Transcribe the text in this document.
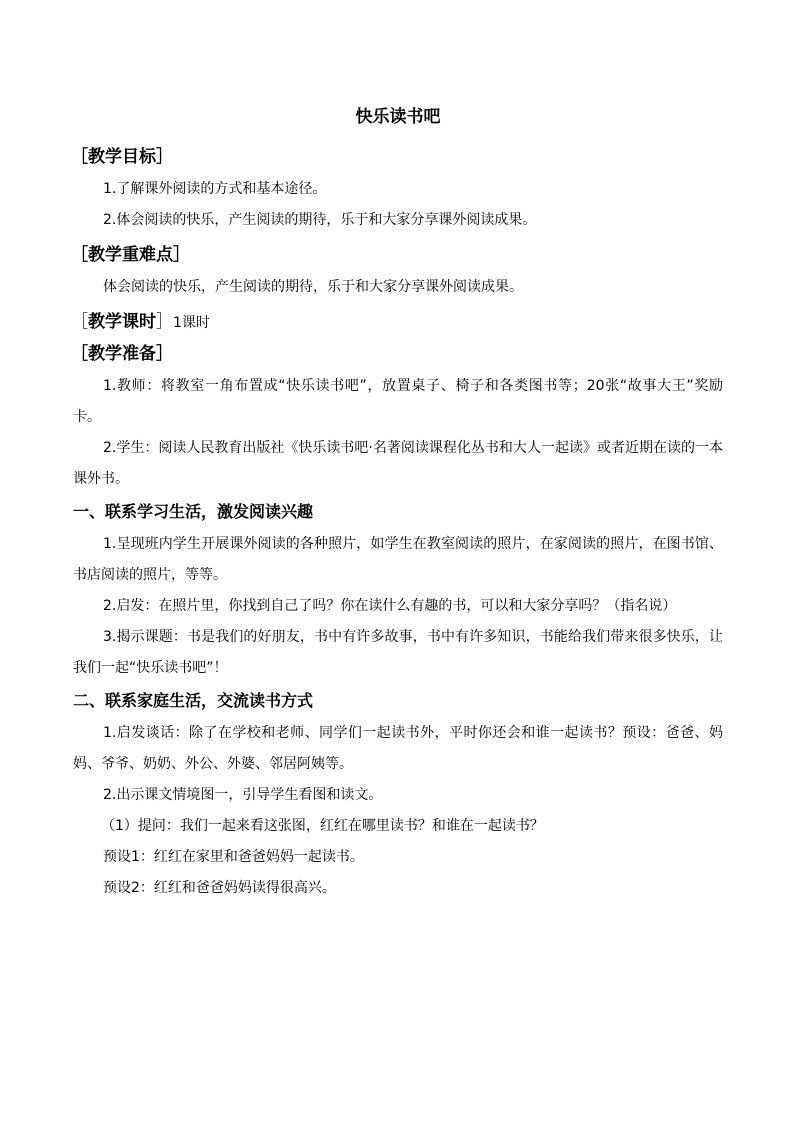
快乐读书吧
［教学目标］

1.了解课外阅读的方式和基本途径。

2.体会阅读的快乐，产生阅读的期待，乐于和大家分享课外阅读成果。

［教学重难点］

体会阅读的快乐，产生阅读的期待，乐于和大家分享课外阅读成果。

［教学课时］1课时
［教学准备］

1.教师：将教室一角布置成“快乐读书吧”，放置桌子、椅子和各类图书等；20张“故事大王”奖励卡。

2.学生：阅读人民教育出版社《快乐读书吧·名著阅读课程化丛书和大人一起读》或者近期在读的一本课外书。

一、联系学习生活，激发阅读兴趣

1.呈现班内学生开展课外阅读的各种照片，如学生在教室阅读的照片，在家阅读的照片，在图书馆、书店阅读的照片，等等。

2.启发：在照片里，你找到自己了吗？你在读什么有趣的书，可以和大家分享吗？（指名说）

3.揭示课题：书是我们的好朋友，书中有许多故事，书中有许多知识，书能给我们带来很多快乐，让我们一起“快乐读书吧”！

二、联系家庭生活，交流读书方式

1.启发谈话：除了在学校和老师、同学们一起读书外，平时你还会和谁一起读书？预设：爸爸、妈妈、爷爷、奶奶、外公、外婆、邻居阿姨等。

2.出示课文情境图一，引导学生看图和读文。

（1）提问：我们一起来看这张图，红红在哪里读书？和谁在一起读书？

预设1：红红在家里和爸爸妈妈一起读书。

预设2：红红和爸爸妈妈读得很高兴。
